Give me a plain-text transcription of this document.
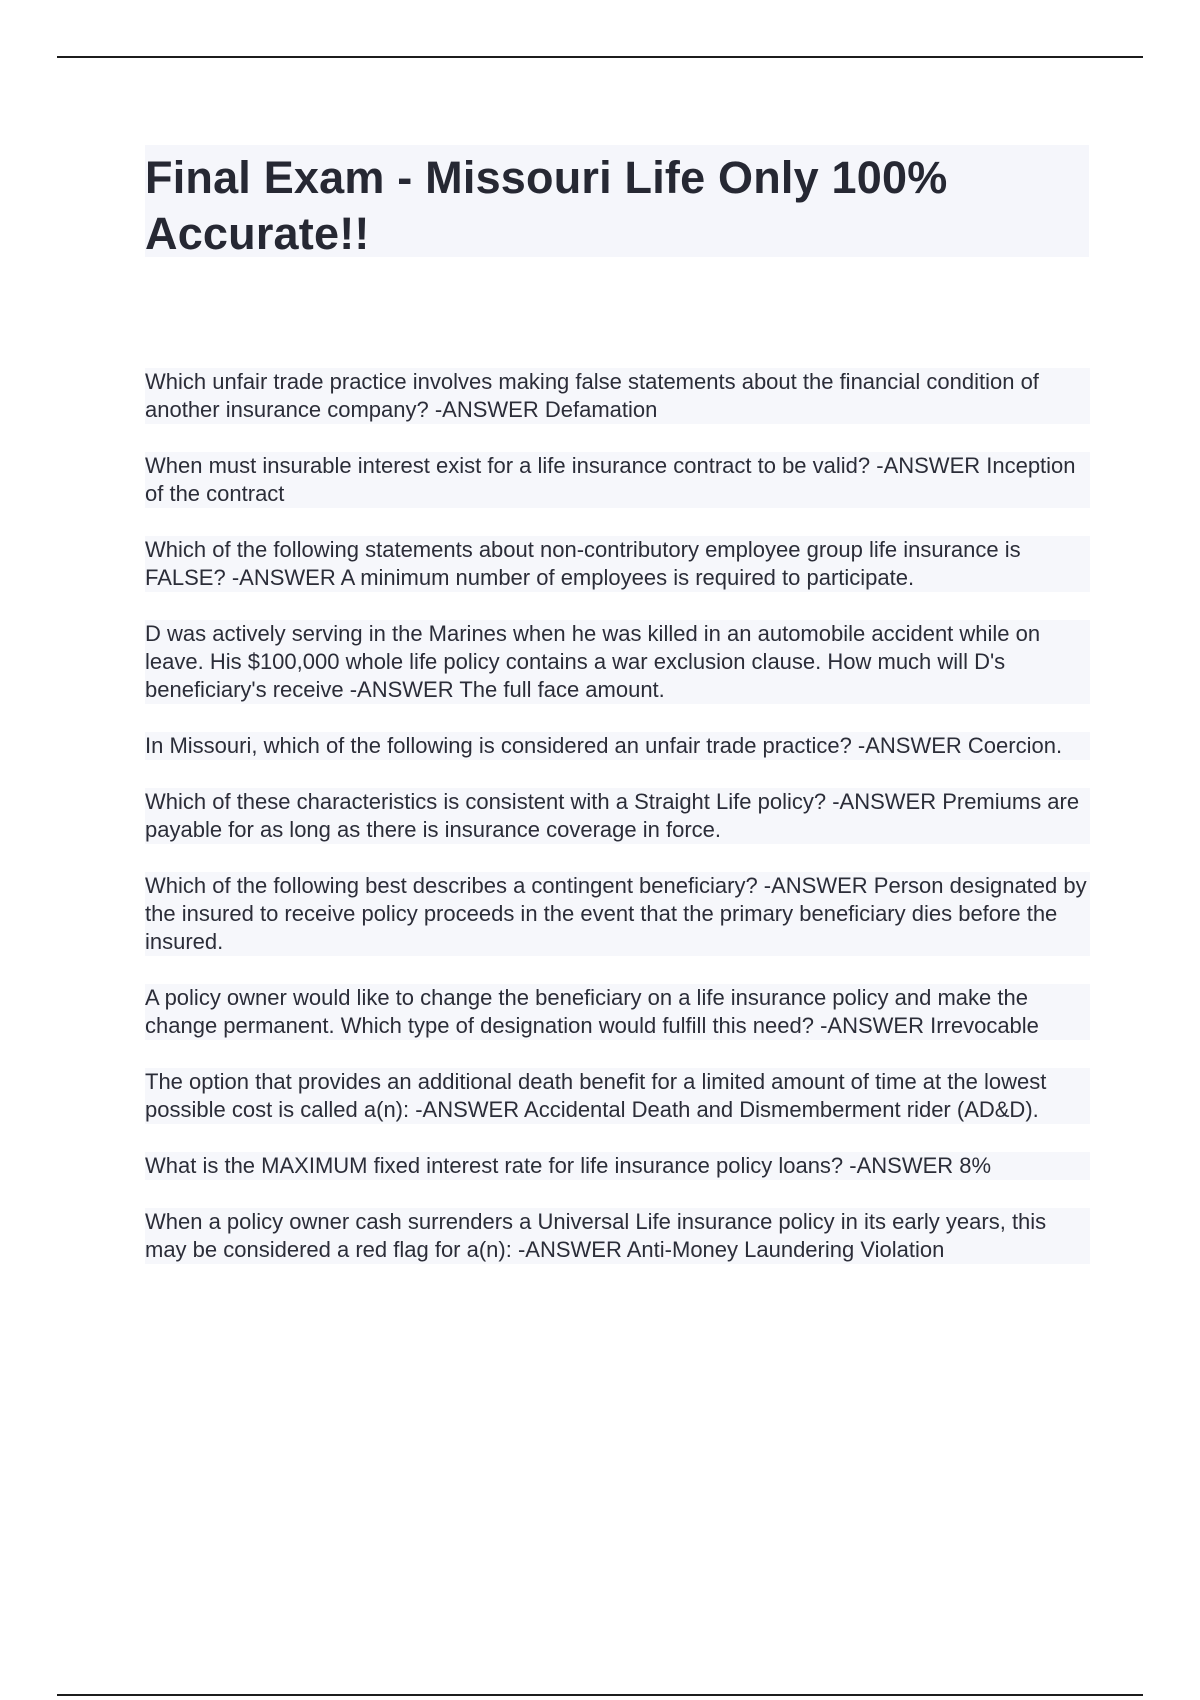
Final Exam - Missouri Life Only 100% Accurate!!

Which unfair trade practice involves making false statements about the financial condition of another insurance company? -ANSWER Defamation

When must insurable interest exist for a life insurance contract to be valid? -ANSWER Inception of the contract

Which of the following statements about non-contributory employee group life insurance is FALSE? -ANSWER A minimum number of employees is required to participate.

D was actively serving in the Marines when he was killed in an automobile accident while on leave. His $100,000 whole life policy contains a war exclusion clause. How much will D's beneficiary's receive -ANSWER The full face amount.

In Missouri, which of the following is considered an unfair trade practice? -ANSWER Coercion.

Which of these characteristics is consistent with a Straight Life policy? -ANSWER Premiums are payable for as long as there is insurance coverage in force.

Which of the following best describes a contingent beneficiary? -ANSWER Person designated by the insured to receive policy proceeds in the event that the primary beneficiary dies before the insured.

A policy owner would like to change the beneficiary on a life insurance policy and make the change permanent. Which type of designation would fulfill this need? -ANSWER Irrevocable

The option that provides an additional death benefit for a limited amount of time at the lowest possible cost is called a(n): -ANSWER Accidental Death and Dismemberment rider (AD&D).

What is the MAXIMUM fixed interest rate for life insurance policy loans? -ANSWER 8%

When a policy owner cash surrenders a Universal Life insurance policy in its early years, this may be considered a red flag for a(n): -ANSWER Anti-Money Laundering Violation
